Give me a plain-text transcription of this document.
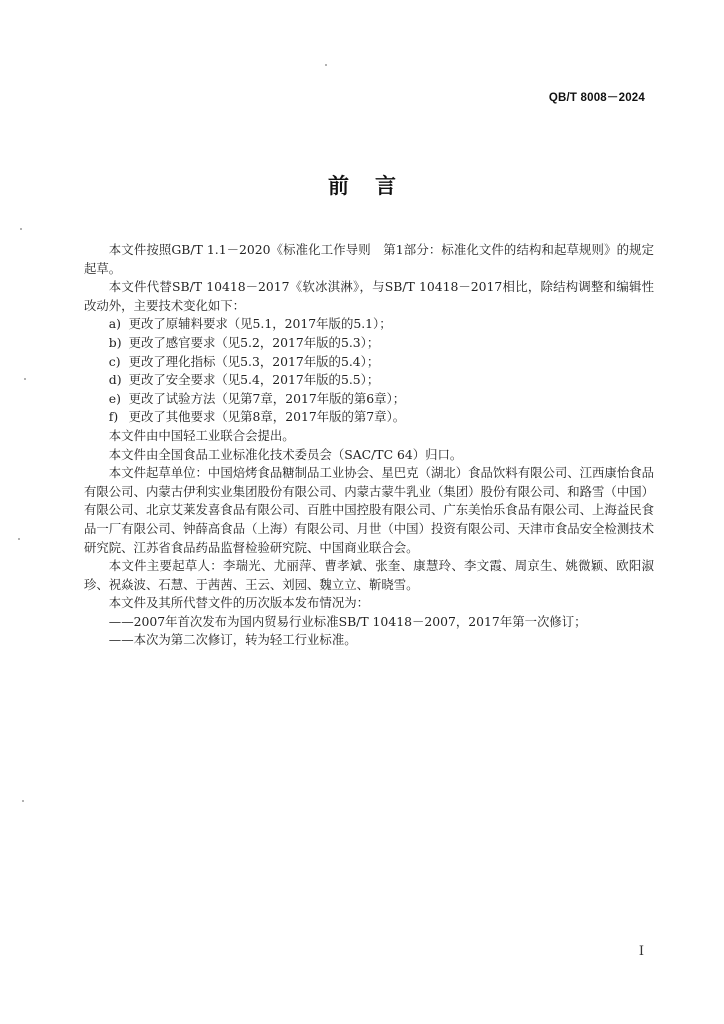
QB/T 8008－2024
前言

本文件按照GB/T 1.1－2020《标准化工作导则　第1部分：标准化文件的结构和起草规则》的规定起草。

本文件代替SB/T 10418－2017《软冰淇淋》，与SB/T 10418－2017相比，除结构调整和编辑性改动外，主要技术变化如下：

a) 更改了原辅料要求（见5.1，2017年版的5.1）；

b) 更改了感官要求（见5.2，2017年版的5.3）；

c) 更改了理化指标（见5.3，2017年版的5.4）；

d) 更改了安全要求（见5.4，2017年版的5.5）；

e) 更改了试验方法（见第7章，2017年版的第6章）；

f) 更改了其他要求（见第8章，2017年版的第7章）。

本文件由中国轻工业联合会提出。

本文件由全国食品工业标准化技术委员会（SAC/TC 64）归口。

本文件起草单位：中国焙烤食品糖制品工业协会、星巴克（湖北）食品饮料有限公司、江西康怡食品有限公司、内蒙古伊利实业集团股份有限公司、内蒙古蒙牛乳业（集团）股份有限公司、和路雪（中国）有限公司、北京艾莱发喜食品有限公司、百胜中国控股有限公司、广东美怡乐食品有限公司、上海益民食品一厂有限公司、钟薛高食品（上海）有限公司、月世（中国）投资有限公司、天津市食品安全检测技术研究院、江苏省食品药品监督检验研究院、中国商业联合会。

本文件主要起草人：李瑞光、尤丽萍、曹孝斌、张奎、康慧玲、李文霞、周京生、姚微颖、欧阳淑珍、祝焱波、石慧、于茜茜、王云、刘园、魏立立、靳晓雪。

本文件及其所代替文件的历次版本发布情况为：

——2007年首次发布为国内贸易行业标准SB/T 10418－2007，2017年第一次修订；

——本次为第二次修订，转为轻工行业标准。

I
